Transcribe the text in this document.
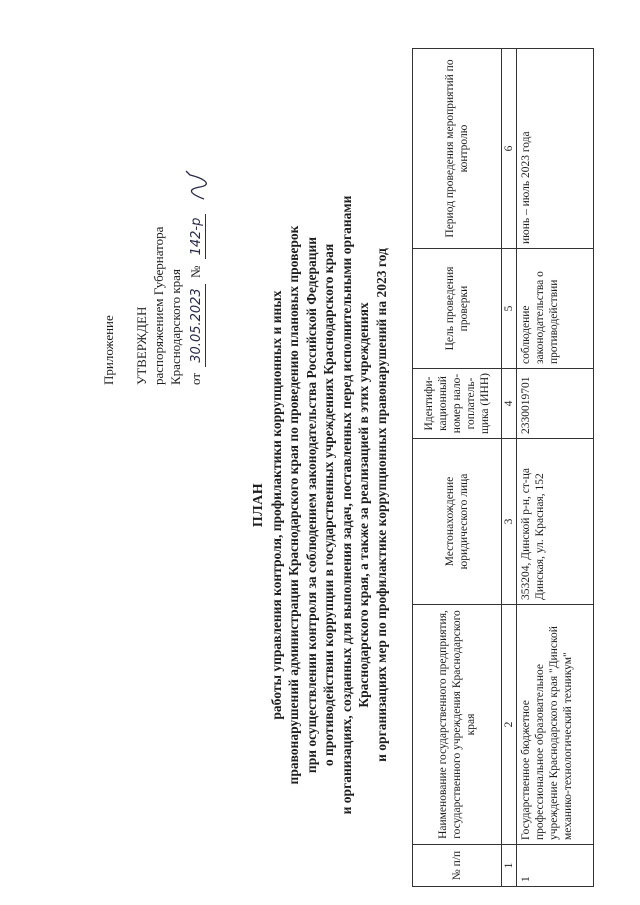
Приложение УТВЕРЖДЕН распоряжением Губернатора Краснодарского края от 30.05.2023 № 142-р
ПЛАН работы управления контроля, профилактики коррупционных и иных правонарушений администрации Краснодарского края по проведению плановых проверок при осуществлении контроля за соблюдением законодательства Российской Федерации о противодействии коррупции в государственных учреждениях Краснодарского края и организациях, созданных для выполнения задач, поставленных перед исполнительными органами Краснодарского края, а также за реализацией в этих учреждениях и организациях мер по профилактике коррупционных правонарушений на 2023 год
№ п/п	Наименование государственного предприятия, государственного учреждения Краснодарского края	Местонахождение юридического лица	Идентифи-кационный номер нало-гоплатель-щика (ИНН)	Цель проведения проверки	Период проведения мероприятий по контролю
1	2	3	4	5	6
1	Государственное бюджетное профессиональное образовательное учреждение Краснодарского края "Динской механико-технологический техникум"	353204, Динской р-н, ст-ца Динская, ул. Красная, 152	2330019701	соблюдение законодательства о противодействии	июнь – июль 2023 года
